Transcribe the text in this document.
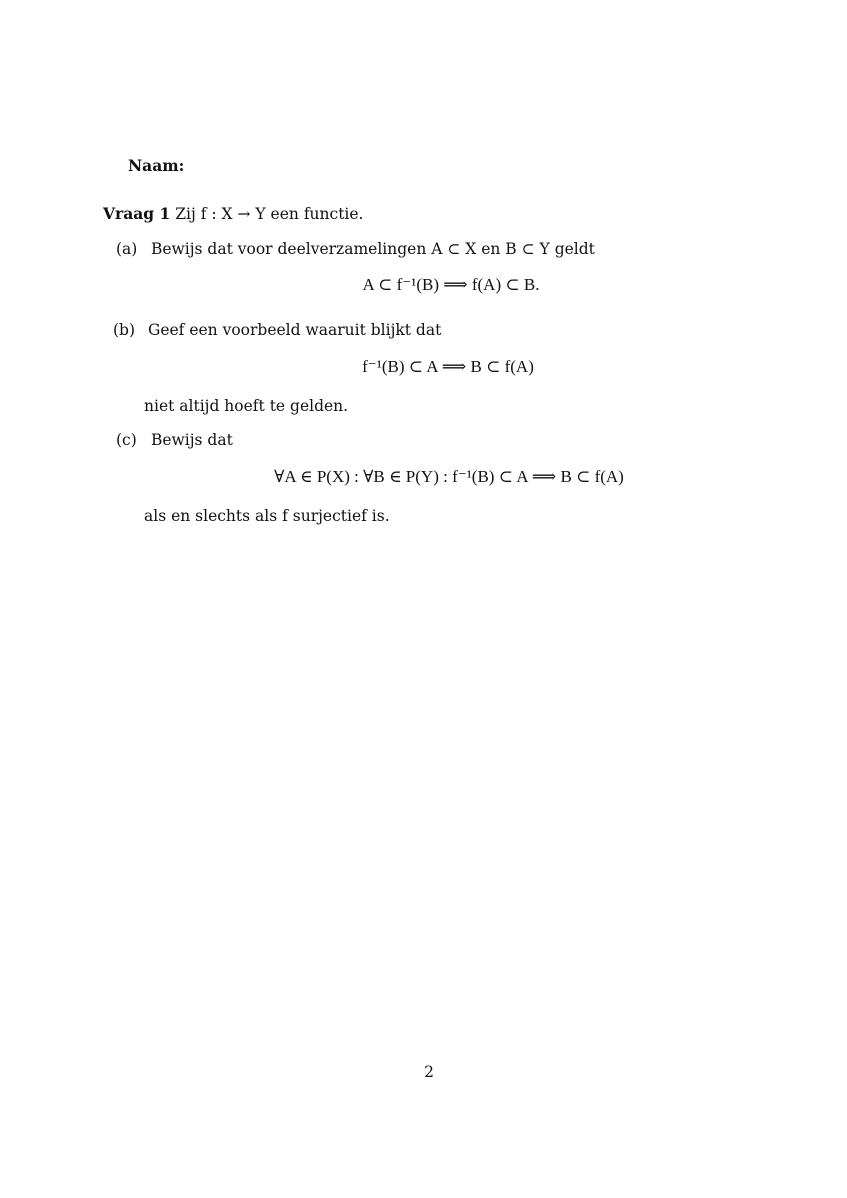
Naam:
Vraag 1 Zij f : X → Y een functie.
(a) Bewijs dat voor deelverzamelingen A ⊂ X en B ⊂ Y geldt
A ⊂ f⁻¹(B) ⟹ f(A) ⊂ B.
(b) Geef een voorbeeld waaruit blijkt dat
f⁻¹(B) ⊂ A ⟹ B ⊂ f(A)
niet altijd hoeft te gelden.
(c) Bewijs dat
∀A ∈ P(X) : ∀B ∈ P(Y) : f⁻¹(B) ⊂ A ⟹ B ⊂ f(A)
als en slechts als f surjectief is.
2
